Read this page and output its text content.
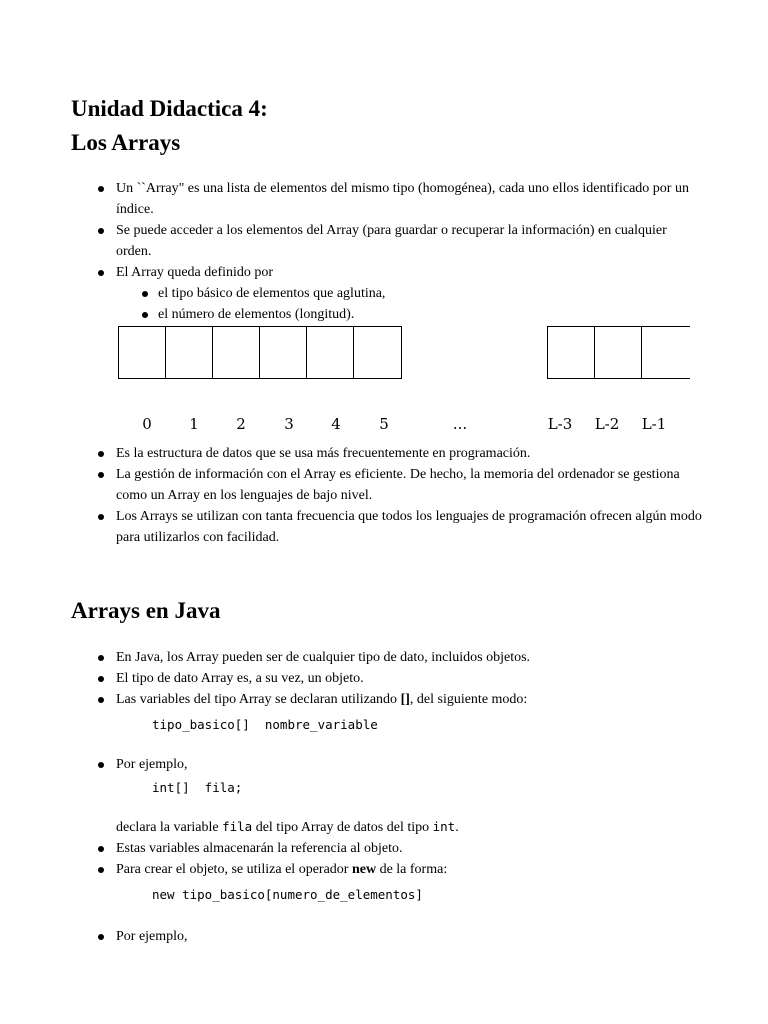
Unidad Didactica 4:
Los Arrays
Un ``Array" es una lista de elementos del mismo tipo (homogénea), cada uno ellos identificado por un índice.
Se puede acceder a los elementos del Array (para guardar o recuperar la información) en cualquier orden.
El Array queda definido por
el tipo básico de elementos que aglutina,
el número de elementos (longitud).
0	1	2	3	4	5	...	L-3	L-2	L-1
Es la estructura de datos que se usa más frecuentemente en programación.
La gestión de información con el Array es eficiente. De hecho, la memoria del ordenador se gestiona como un Array en los lenguajes de bajo nivel.
Los Arrays se utilizan con tanta frecuencia que todos los lenguajes de programación ofrecen algún modo para utilizarlos con facilidad.
Arrays en Java
En Java, los Array pueden ser de cualquier tipo de dato, incluidos objetos.
El tipo de dato Array es, a su vez, un objeto.
Las variables del tipo Array se declaran utilizando [], del siguiente modo:
tipo_basico[]  nombre_variable
Por ejemplo,
int[]  fila;
declara la variable fila del tipo Array de datos del tipo int.
Estas variables almacenarán la referencia al objeto.
Para crear el objeto, se utiliza el operador new de la forma:
new tipo_basico[numero_de_elementos]
Por ejemplo,
